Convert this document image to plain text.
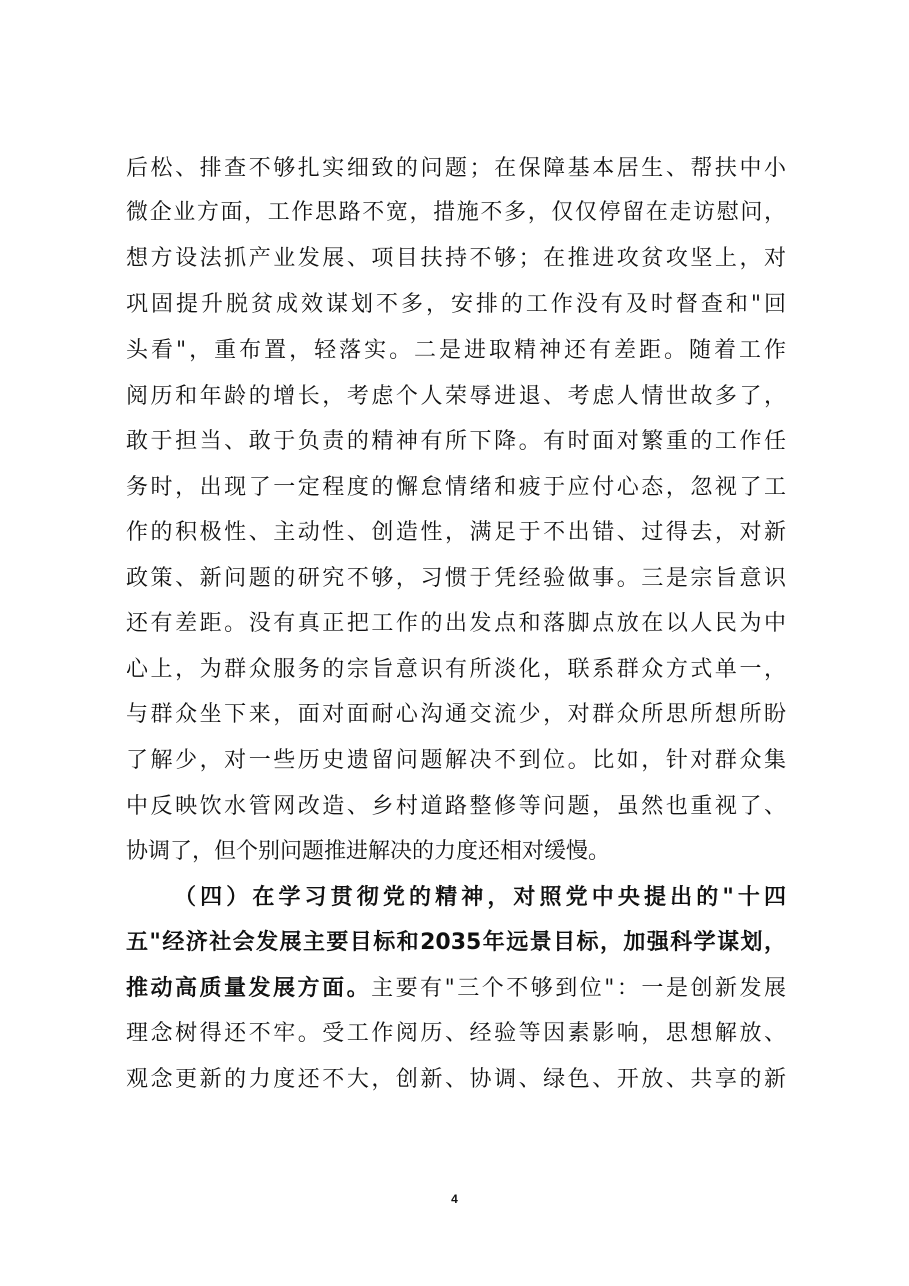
后松、排查不够扎实细致的问题；在保障基本居生、帮扶中小
微企业方面，工作思路不宽，措施不多，仅仅停留在走访慰问，
想方设法抓产业发展、项目扶持不够；在推进攻贫攻坚上，对
巩固提升脱贫成效谋划不多，安排的工作没有及时督查和"回
头看"，重布置，轻落实。二是进取精神还有差距。随着工作
阅历和年龄的增长，考虑个人荣辱进退、考虑人情世故多了，
敢于担当、敢于负责的精神有所下降。有时面对繁重的工作任
务时，出现了一定程度的懈怠情绪和疲于应付心态，忽视了工
作的积极性、主动性、创造性，满足于不出错、过得去，对新
政策、新问题的研究不够，习惯于凭经验做事。三是宗旨意识
还有差距。没有真正把工作的出发点和落脚点放在以人民为中
心上，为群众服务的宗旨意识有所淡化，联系群众方式单一，
与群众坐下来，面对面耐心沟通交流少，对群众所思所想所盼
了解少，对一些历史遗留问题解决不到位。比如，针对群众集
中反映饮水管网改造、乡村道路整修等问题，虽然也重视了、
协调了，但个别问题推进解决的力度还相对缓慢。
（四）在学习贯彻党的精神，对照党中央提出的"十四
五"经济社会发展主要目标和2035年远景目标，加强科学谋划，
推动高质量发展方面。主要有"三个不够到位"：一是创新发展
理念树得还不牢。受工作阅历、经验等因素影响，思想解放、
观念更新的力度还不大，创新、协调、绿色、开放、共享的新
4
